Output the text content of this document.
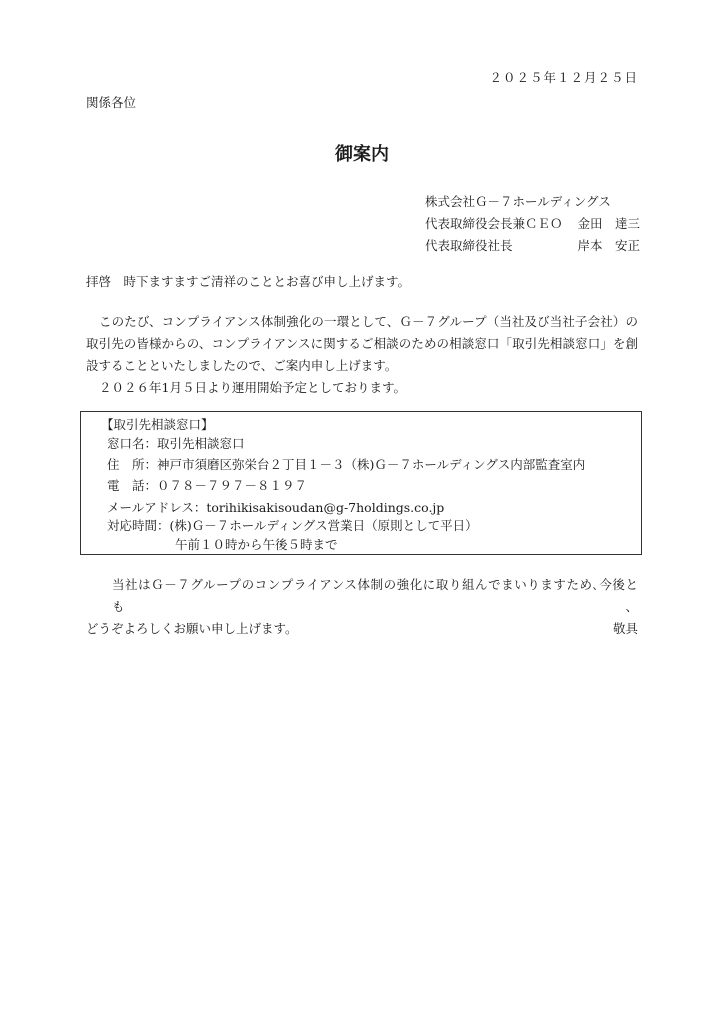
２０２５年１２月２５日
関係各位
御案内
株式会社Ｇ－７ホールディングス
代表取締役会長兼ＣＥＯ 金田　達三
代表取締役社長	岸本　安正
拝啓　時下ますますご清祥のこととお喜び申し上げます。

このたび、コンプライアンス体制強化の一環として、Ｇ－７グループ（当社及び当社子会社）の

取引先の皆様からの、コンプライアンスに関するご相談のための相談窓口「取引先相談窓口」を創

設することといたしましたので、ご案内申し上げます。

２０２６年1月５日より運用開始予定としております。

【取引先相談窓口】
窓口名：取引先相談窓口
住　所：神戸市須磨区弥栄台２丁目１－３（株)Ｇ－７ホールディングス内部監査室内
電　話：０７８－７９７－８１９７
メールアドレス：torihikisakisoudan@g-7holdings.co.jp
対応時間：(株)Ｇ－７ホールディングス営業日（原則として平日）
午前１０時から午後５時まで

当社はＧ－７グループのコンプライアンス体制の強化に取り組んでまいりますため､今後とも、

どうぞよろしくお願い申し上げます。	敬具
